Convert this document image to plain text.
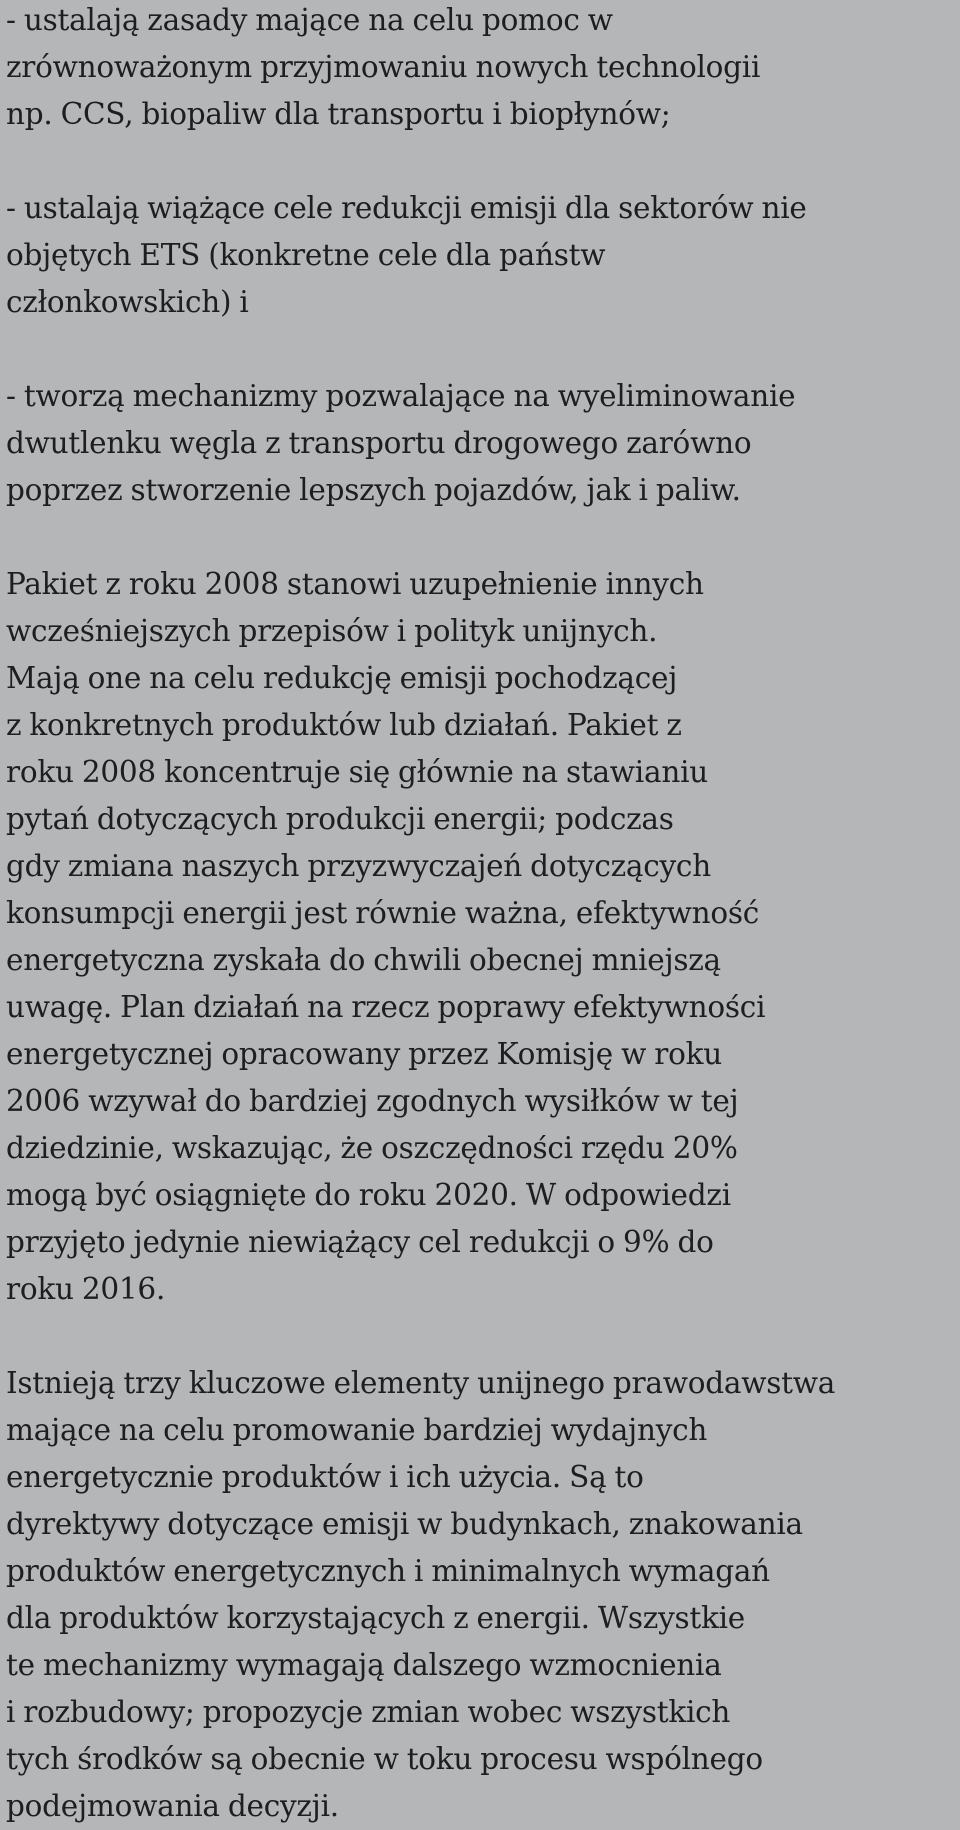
- ustalają zasady mające na celu pomoc w
zrównoważonym przyjmowaniu nowych technologii
np. CCS, biopaliw dla transportu i biopłynów;

- ustalają wiążące cele redukcji emisji dla sektorów nie
objętych ETS (konkretne cele dla państw
członkowskich) i

- tworzą mechanizmy pozwalające na wyeliminowanie
dwutlenku węgla z transportu drogowego zarówno
poprzez stworzenie lepszych pojazdów, jak i paliw.

Pakiet z roku 2008 stanowi uzupełnienie innych
wcześniejszych przepisów i polityk unijnych.
Mają one na celu redukcję emisji pochodzącej
z konkretnych produktów lub działań. Pakiet z
roku 2008 koncentruje się głównie na stawianiu
pytań dotyczących produkcji energii; podczas
gdy zmiana naszych przyzwyczajeń dotyczących
konsumpcji energii jest równie ważna, efektywność
energetyczna zyskała do chwili obecnej mniejszą
uwagę. Plan działań na rzecz poprawy efektywności
energetycznej opracowany przez Komisję w roku
2006 wzywał do bardziej zgodnych wysiłków w tej
dziedzinie, wskazując, że oszczędności rzędu 20%
mogą być osiągnięte do roku 2020. W odpowiedzi
przyjęto jedynie niewiążący cel redukcji o 9% do
roku 2016.

Istnieją trzy kluczowe elementy unijnego prawodawstwa
mające na celu promowanie bardziej wydajnych
energetycznie produktów i ich użycia. Są to
dyrektywy dotyczące emisji w budynkach, znakowania
produktów energetycznych i minimalnych wymagań
dla produktów korzystających z energii. Wszystkie
te mechanizmy wymagają dalszego wzmocnienia
i rozbudowy; propozycje zmian wobec wszystkich
tych środków są obecnie w toku procesu wspólnego
podejmowania decyzji.
